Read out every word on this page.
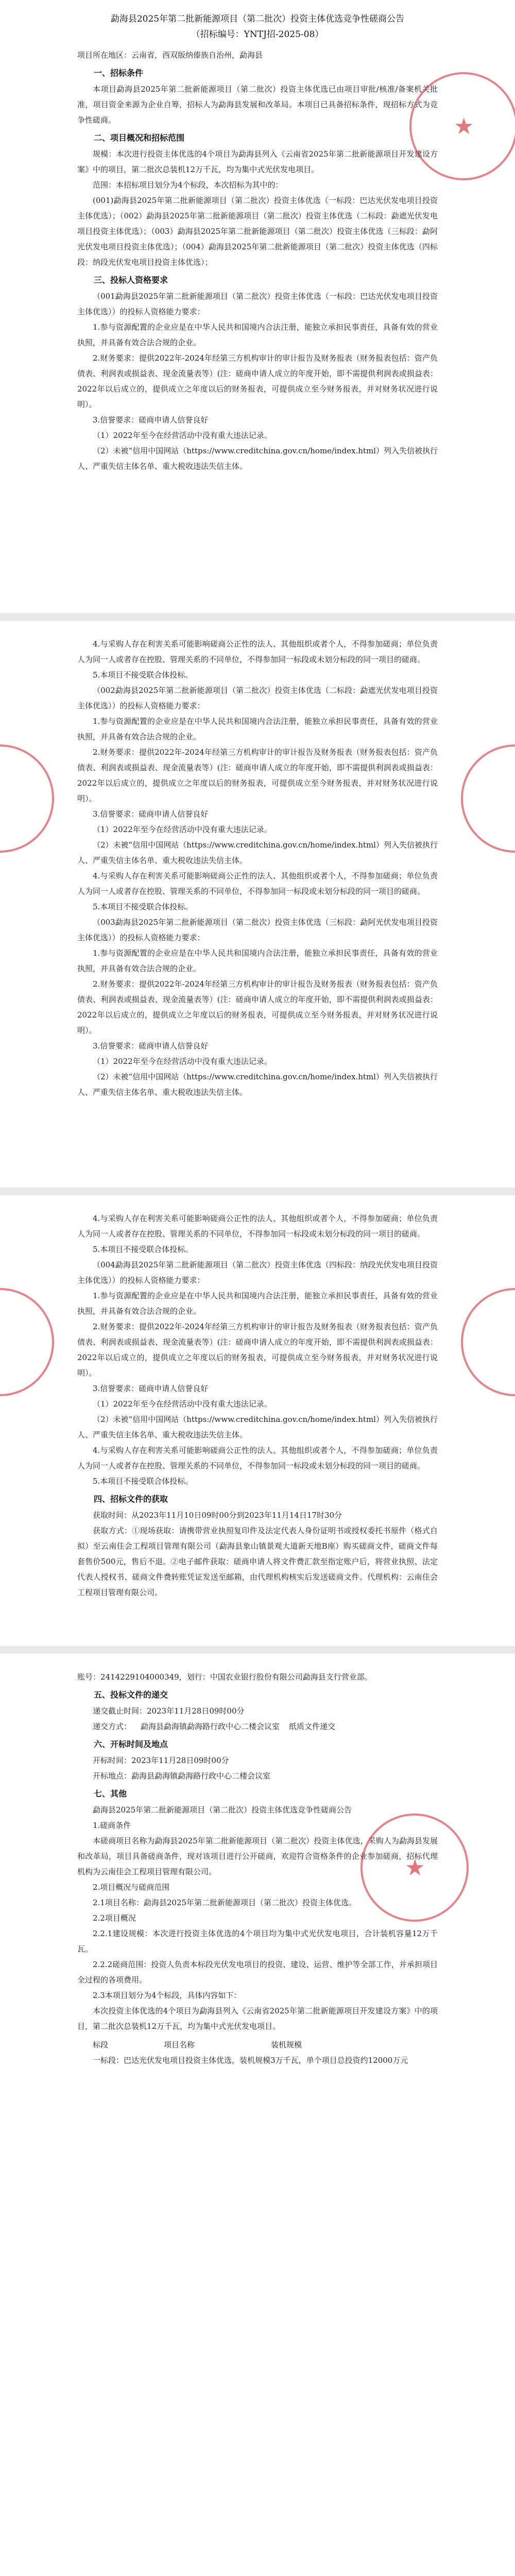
勐海县2025年第二批新能源项目（第二批次）投资主体优选竞争性磋商公告
（招标编号：YNTJ招-2025-08）

项目所在地区：云南省，西双版纳傣族自治州，勐海县

一、招标条件

本项目勐海县2025年第二批新能源项目（第二批次）投资主体优选已由项目审批/核准/备案机关批准，项目资金来源为企业自筹，招标人为勐海县发展和改革局。本项目已具备招标条件，现招标方式为竞争性磋商。

二、项目概况和招标范围

规模：本次进行投资主体优选的4个项目为勐海县列入《云南省2025年第二批新能源项目开发建设方案》中的项目，第二批次总装机12万千瓦，均为集中式光伏发电项目。

范围：本招标项目划分为4个标段，本次招标为其中的：

(001)勐海县2025年第二批新能源项目（第二批次）投资主体优选（一标段：巴达光伏发电项目投资主体优选）；（002）勐海县2025年第二批新能源项目（第二批次）投资主体优选（二标段：勐遮光伏发电项目投资主体优选）；（003）勐海县2025年第二批新能源项目（第二批次）投资主体优选（三标段：勐阿光伏发电项目投资主体优选）；（004）勐海县2025年第二批新能源项目（第二批次）投资主体优选（四标段：纳段光伏发电项目投资主体优选）；

三、投标人资格要求

（001勐海县2025年第二批新能源项目（第二批次）投资主体优选（一标段：巴达光伏发电项目投资主体优选））的投标人资格能力要求：

1.参与资源配置的企业应是在中华人民共和国境内合法注册，能独立承担民事责任，具备有效的营业执照，并具备有效合法合规的企业。

2.财务要求：提供2022年-2024年经第三方机构审计的审计报告及财务报表（财务报表包括：资产负债表、利润表或损益表、现金流量表等）(注：磋商申请人成立的年度开始，即不需提供利润表或损益表：2022年以后成立的，提供成立之年度以后的财务报表，可提供成立至今财务报表，并对财务状况进行说明）。

3.信誉要求：磋商申请人信誉良好

（1）2022年至今在经营活动中没有重大违法记录。

（2）未被“信用中国网站（https://www.creditchina.gov.cn/home/index.html）列入失信被执行人、严重失信主体名单、重大税收违法失信主体。

★

4.与采购人存在利害关系可能影响磋商公正性的法人、其他组织或者个人，不得参加磋商；单位负责人为同一人或者存在控股、管理关系的不同单位，不得参加同一标段或未划分标段的同一项目的磋商。

5.本项目不接受联合体投标。

（002勐海县2025年第二批新能源项目（第二批次）投资主体优选（二标段：勐遮光伏发电项目投资主体优选））的投标人资格能力要求：

1.参与资源配置的企业应是在中华人民共和国境内合法注册，能独立承担民事责任，具备有效的营业执照，并具备有效合法合规的企业。

2.财务要求：提供2022年-2024年经第三方机构审计的审计报告及财务报表（财务报表包括：资产负债表、利润表或损益表、现金流量表等）(注：磋商申请人成立的年度开始，即不需提供利润表或损益表：2022年以后成立的，提供成立之年度以后的财务报表，可提供成立至今财务报表，并对财务状况进行说明）。

3.信誉要求：磋商申请人信誉良好

（1）2022年至今在经营活动中没有重大违法记录。

（2）未被“信用中国网站（https://www.creditchina.gov.cn/home/index.html）列入失信被执行人、严重失信主体名单、重大税收违法失信主体。

4.与采购人存在利害关系可能影响磋商公正性的法人、其他组织或者个人，不得参加磋商；单位负责人为同一人或者存在控股、管理关系的不同单位，不得参加同一标段或未划分标段的同一项目的磋商。

5.本项目不接受联合体投标。

（003勐海县2025年第二批新能源项目（第二批次）投资主体优选（三标段：勐阿光伏发电项目投资主体优选））的投标人资格能力要求：

1.参与资源配置的企业应是在中华人民共和国境内合法注册，能独立承担民事责任，具备有效的营业执照，并具备有效合法合规的企业。

2.财务要求：提供2022年-2024年经第三方机构审计的审计报告及财务报表（财务报表包括：资产负债表、利润表或损益表、现金流量表等）(注：磋商申请人成立的年度开始，即不需提供利润表或损益表：2022年以后成立的，提供成立之年度以后的财务报表，可提供成立至今财务报表，并对财务状况进行说明）。

3.信誉要求：磋商申请人信誉良好

（1）2022年至今在经营活动中没有重大违法记录。

（2）未被“信用中国网站（https://www.creditchina.gov.cn/home/index.html）列入失信被执行人、严重失信主体名单、重大税收违法失信主体。

4.与采购人存在利害关系可能影响磋商公正性的法人、其他组织或者个人，不得参加磋商；单位负责人为同一人或者存在控股、管理关系的不同单位，不得参加同一标段或未划分标段的同一项目的磋商。

5.本项目不接受联合体投标。

（004勐海县2025年第二批新能源项目（第二批次）投资主体优选（四标段：纳段光伏发电项目投资主体优选））的投标人资格能力要求：

1.参与资源配置的企业应是在中华人民共和国境内合法注册，能独立承担民事责任，具备有效的营业执照，并具备有效合法合规的企业。

2.财务要求：提供2022年-2024年经第三方机构审计的审计报告及财务报表（财务报表包括：资产负债表、利润表或损益表、现金流量表等）(注：磋商申请人成立的年度开始，即不需提供利润表或损益表：2022年以后成立的，提供成立之年度以后的财务报表，可提供成立至今财务报表，并对财务状况进行说明）。

3.信誉要求：磋商申请人信誉良好

（1）2022年至今在经营活动中没有重大违法记录。

（2）未被“信用中国网站（https://www.creditchina.gov.cn/home/index.html）列入失信被执行人、严重失信主体名单、重大税收违法失信主体。

4.与采购人存在利害关系可能影响磋商公正性的法人、其他组织或者个人，不得参加磋商；单位负责人为同一人或者存在控股、管理关系的不同单位，不得参加同一标段或未划分标段的同一项目的磋商。

5.本项目不接受联合体投标。

四、招标文件的获取

获取时间：从2023年11月10日09时00分到2023年11月14日17时30分

获取方式：①现场获取：请携带营业执照复印件及法定代表人身份证明书或授权委托书原件（格式自拟）至云南佳会工程项目管理有限公司（勐海县象山镇景观大道新天地B座）购买磋商文件，磋商文件每套售价500元，售后不退。②电子邮件获取：磋商申请人将文件费汇款至指定账户后，将营业执照、法定代表人授权书、磋商文件费转账凭证发送至邮箱，由代理机构核实后发送磋商文件。代理机构：云南佳会工程项目管理有限公司。

账号：2414229104000349，划行：中国农业银行股份有限公司勐海县支行营业部。

五、投标文件的递交

递交截止时间：2023年11月28日09时00分

递交方式： 勐海县勐海镇勐海路行政中心二楼会议室 纸质文件递交
六、开标时间及地点

开标时间：2023年11月28日09时00分

开标地点：勐海县勐海镇勐海路行政中心二楼会议室

七、其他

勐海县2025年第二批新能源项目（第二批次）投资主体优选竞争性磋商公告

1.磋商条件

本磋商项目名称为勐海县2025年第二批新能源项目（第二批次）投资主体优选，采购人为勐海县发展和改革局，项目具备磋商条件，现对该项目进行公开磋商，欢迎符合资格条件的企业参加磋商，招标代理机构为云南佳会工程项目管理有限公司。

2.项目概况与磋商范围

2.1项目名称：勐海县2025年第二批新能源项目（第二批次）投资主体优选。

2.2项目概况

2.2.1建设规模：本次进行投资主体优选的4个项目均为集中式光伏发电项目，合计装机容量12万千瓦。

2.2.2磋商范围：投资人负责本标段光伏发电项目的投资、建设、运营、维护等全部工作，并承担项目全过程的各项费用。

2.3本项目划分为4个标段，具体内容如下：

本次投资主体优选的4个项目为勐海县列入《云南省2025年第二批新能源项目开发建设方案》中的项目，第二批次总装机12万千瓦，均为集中式光伏发电项目。

标段	项目名称	装机规模

一标段：巴达光伏发电项目投资主体优选，装机规模3万千瓦，单个项目总投资约12000万元

★
